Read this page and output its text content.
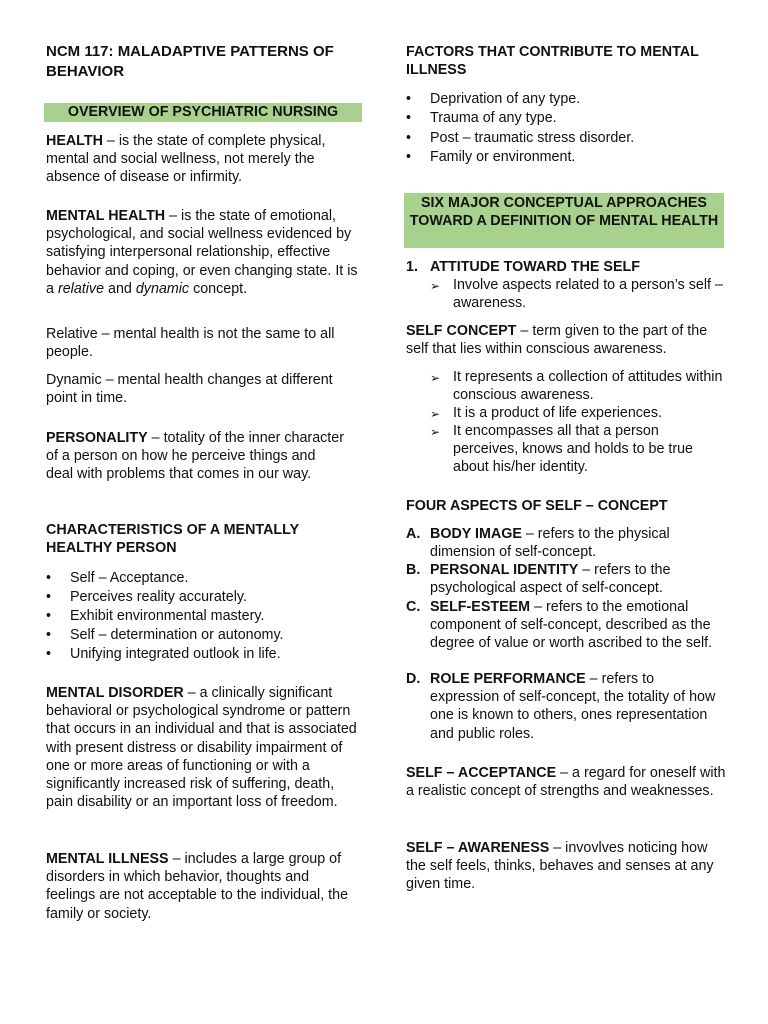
NCM 117: MALADAPTIVE PATTERNS OF BEHAVIOR
OVERVIEW OF PSYCHIATRIC NURSING
HEALTH – is the state of complete physical, mental and social wellness, not merely the absence of disease or infirmity.
MENTAL HEALTH – is the state of emotional, psychological, and social wellness evidenced by satisfying interpersonal relationship, effective behavior and coping, or even changing state. It is a relative and dynamic concept.
Relative – mental health is not the same to all people.
Dynamic – mental health changes at different point in time.
PERSONALITY – totality of the inner character of a person on how he perceive things and deal with problems that comes in our way.
CHARACTERISTICS OF A MENTALLY HEALTHY PERSON
• Self – Acceptance.
• Perceives reality accurately.
• Exhibit environmental mastery.
• Self – determination or autonomy.
• Unifying integrated outlook in life.
MENTAL DISORDER – a clinically significant behavioral or psychological syndrome or pattern that occurs in an individual and that is associated with present distress or disability impairment of one or more areas of functioning or with a significantly increased risk of suffering, death, pain disability or an important loss of freedom.
MENTAL ILLNESS – includes a large group of disorders in which behavior, thoughts and feelings are not acceptable to the individual, the family or society.
FACTORS THAT CONTRIBUTE TO MENTAL ILLNESS
• Deprivation of any type.
• Trauma of any type.
• Post – traumatic stress disorder.
• Family or environment.
SIX MAJOR CONCEPTUAL APPROACHES TOWARD A DEFINITION OF MENTAL HEALTH
1. ATTITUDE TOWARD THE SELF
➢ Involve aspects related to a person’s self – awareness.
SELF CONCEPT – term given to the part of the self that lies within conscious awareness.
➢ It represents a collection of attitudes within conscious awareness.
➢ It is a product of life experiences.
➢ It encompasses all that a person perceives, knows and holds to be true about his/her identity.
FOUR ASPECTS OF SELF – CONCEPT
A. BODY IMAGE – refers to the physical dimension of self-concept.
B. PERSONAL IDENTITY – refers to the psychological aspect of self-concept.
C. SELF-ESTEEM – refers to the emotional component of self-concept, described as the degree of value or worth ascribed to the self.
D. ROLE PERFORMANCE – refers to expression of self-concept, the totality of how one is known to others, ones representation and public roles.
SELF – ACCEPTANCE – a regard for oneself with a realistic concept of strengths and weaknesses.
SELF – AWARENESS – invovlves noticing how the self feels, thinks, behaves and senses at any given time.
